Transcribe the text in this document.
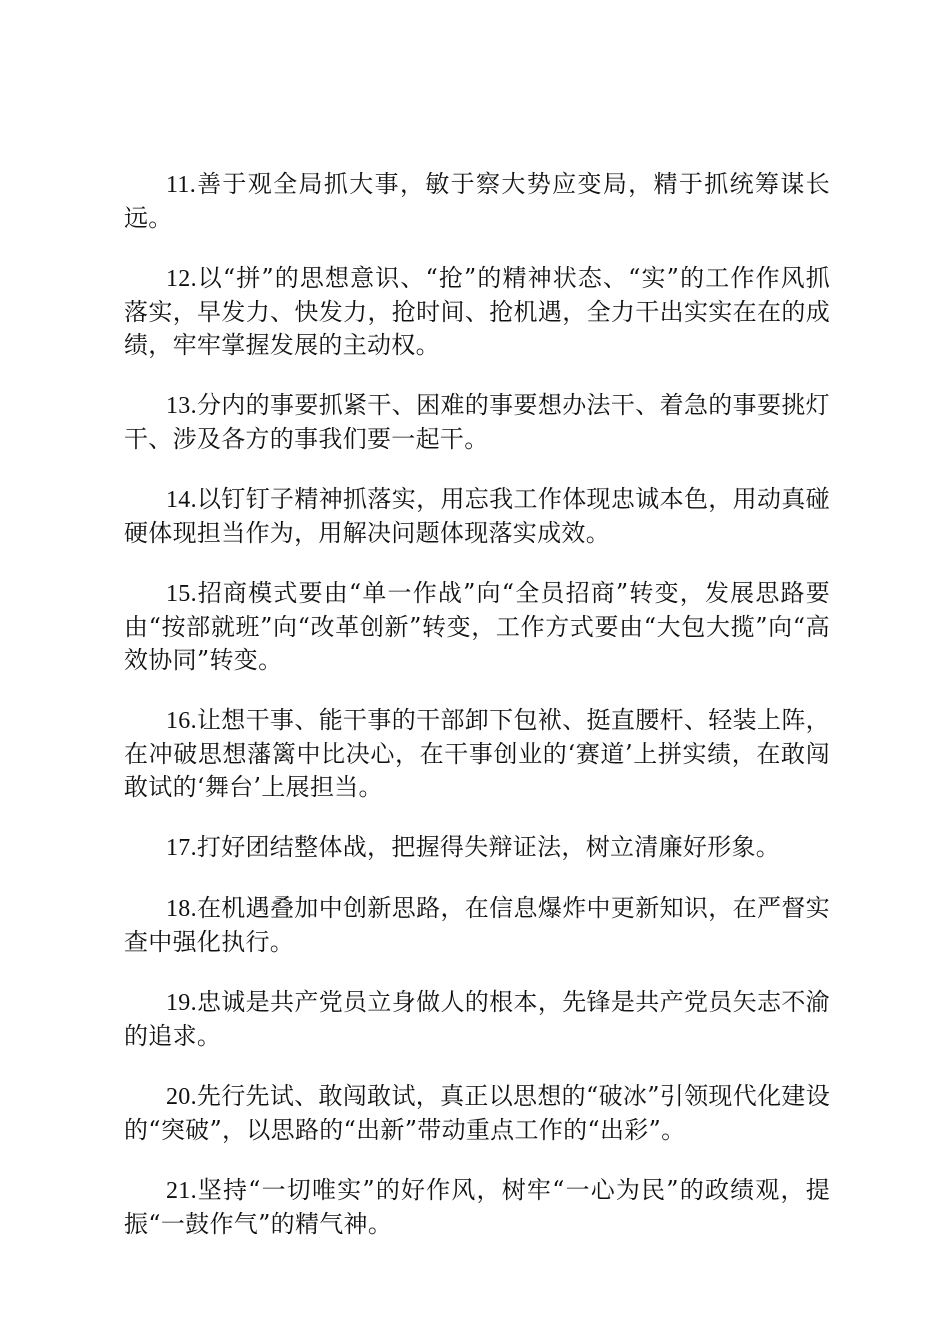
11.善于观全局抓大事，敏于察大势应变局，精于抓统筹谋长远。

12.以“拼”的思想意识、“抢”的精神状态、“实”的工作作风抓落实，早发力、快发力，抢时间、抢机遇，全力干出实实在在的成绩，牢牢掌握发展的主动权。

13.分内的事要抓紧干、困难的事要想办法干、着急的事要挑灯干、涉及各方的事我们要一起干。

14.以钉钉子精神抓落实，用忘我工作体现忠诚本色，用动真碰硬体现担当作为，用解决问题体现落实成效。

15.招商模式要由“单一作战”向“全员招商”转变，发展思路要由“按部就班”向“改革创新”转变，工作方式要由“大包大揽”向“高效协同”转变。

16.让想干事、能干事的干部卸下包袱、挺直腰杆、轻装上阵，在冲破思想藩篱中比决心，在干事创业的‘赛道’上拼实绩，在敢闯敢试的‘舞台’上展担当。

17.打好团结整体战，把握得失辩证法，树立清廉好形象。

18.在机遇叠加中创新思路，在信息爆炸中更新知识，在严督实查中强化执行。

19.忠诚是共产党员立身做人的根本，先锋是共产党员矢志不渝的追求。

20.先行先试、敢闯敢试，真正以思想的“破冰”引领现代化建设的“突破”，以思路的“出新”带动重点工作的“出彩”。

21.坚持“一切唯实”的好作风，树牢“一心为民”的政绩观，提振“一鼓作气”的精气神。
